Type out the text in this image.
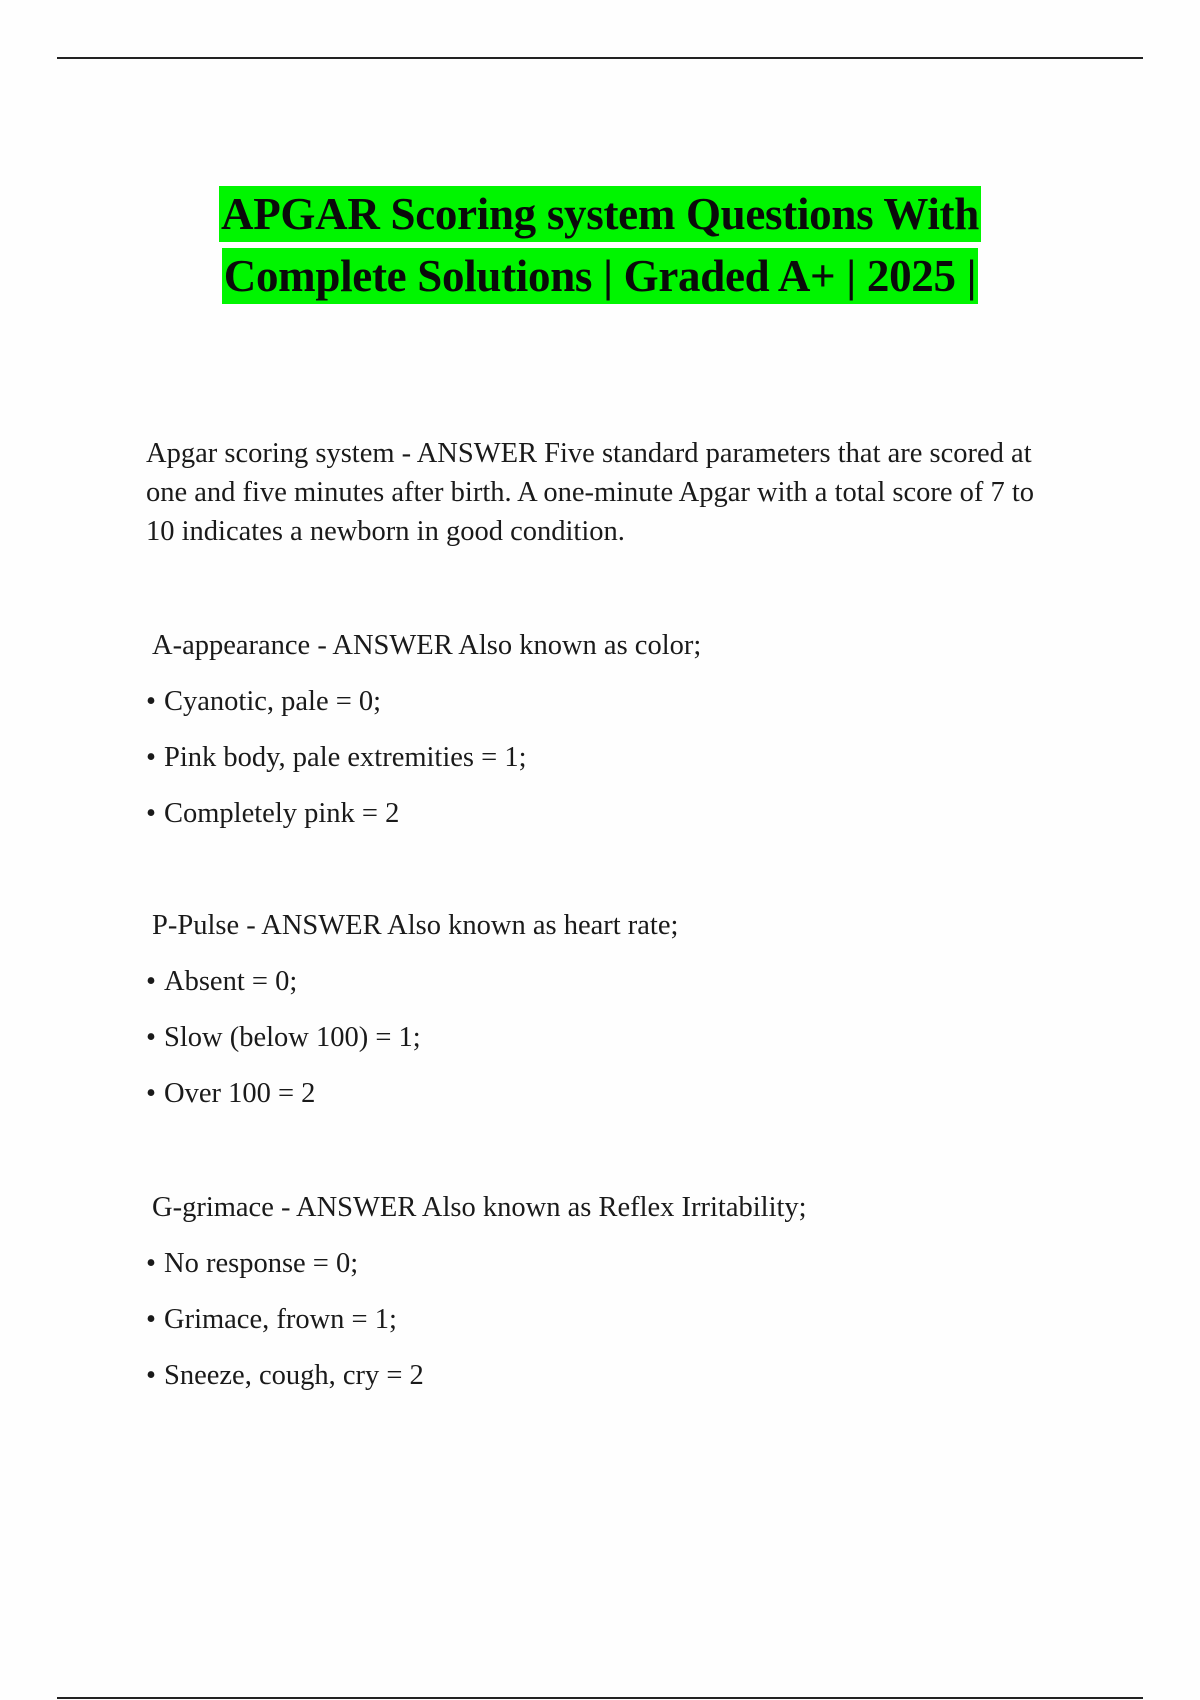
APGAR Scoring system Questions With
Complete Solutions | Graded A+ | 2025 |
Apgar scoring system - ANSWER Five standard parameters that are scored at one and five minutes after birth. A one-minute Apgar with a total score of 7 to 10 indicates a newborn in good condition.
A-appearance - ANSWER Also known as color;
• Cyanotic, pale = 0;
• Pink body, pale extremities = 1;
• Completely pink = 2
P-Pulse - ANSWER Also known as heart rate;
• Absent = 0;
• Slow (below 100) = 1;
• Over 100 = 2
G-grimace - ANSWER Also known as Reflex Irritability;
• No response = 0;
• Grimace, frown = 1;
• Sneeze, cough, cry = 2
